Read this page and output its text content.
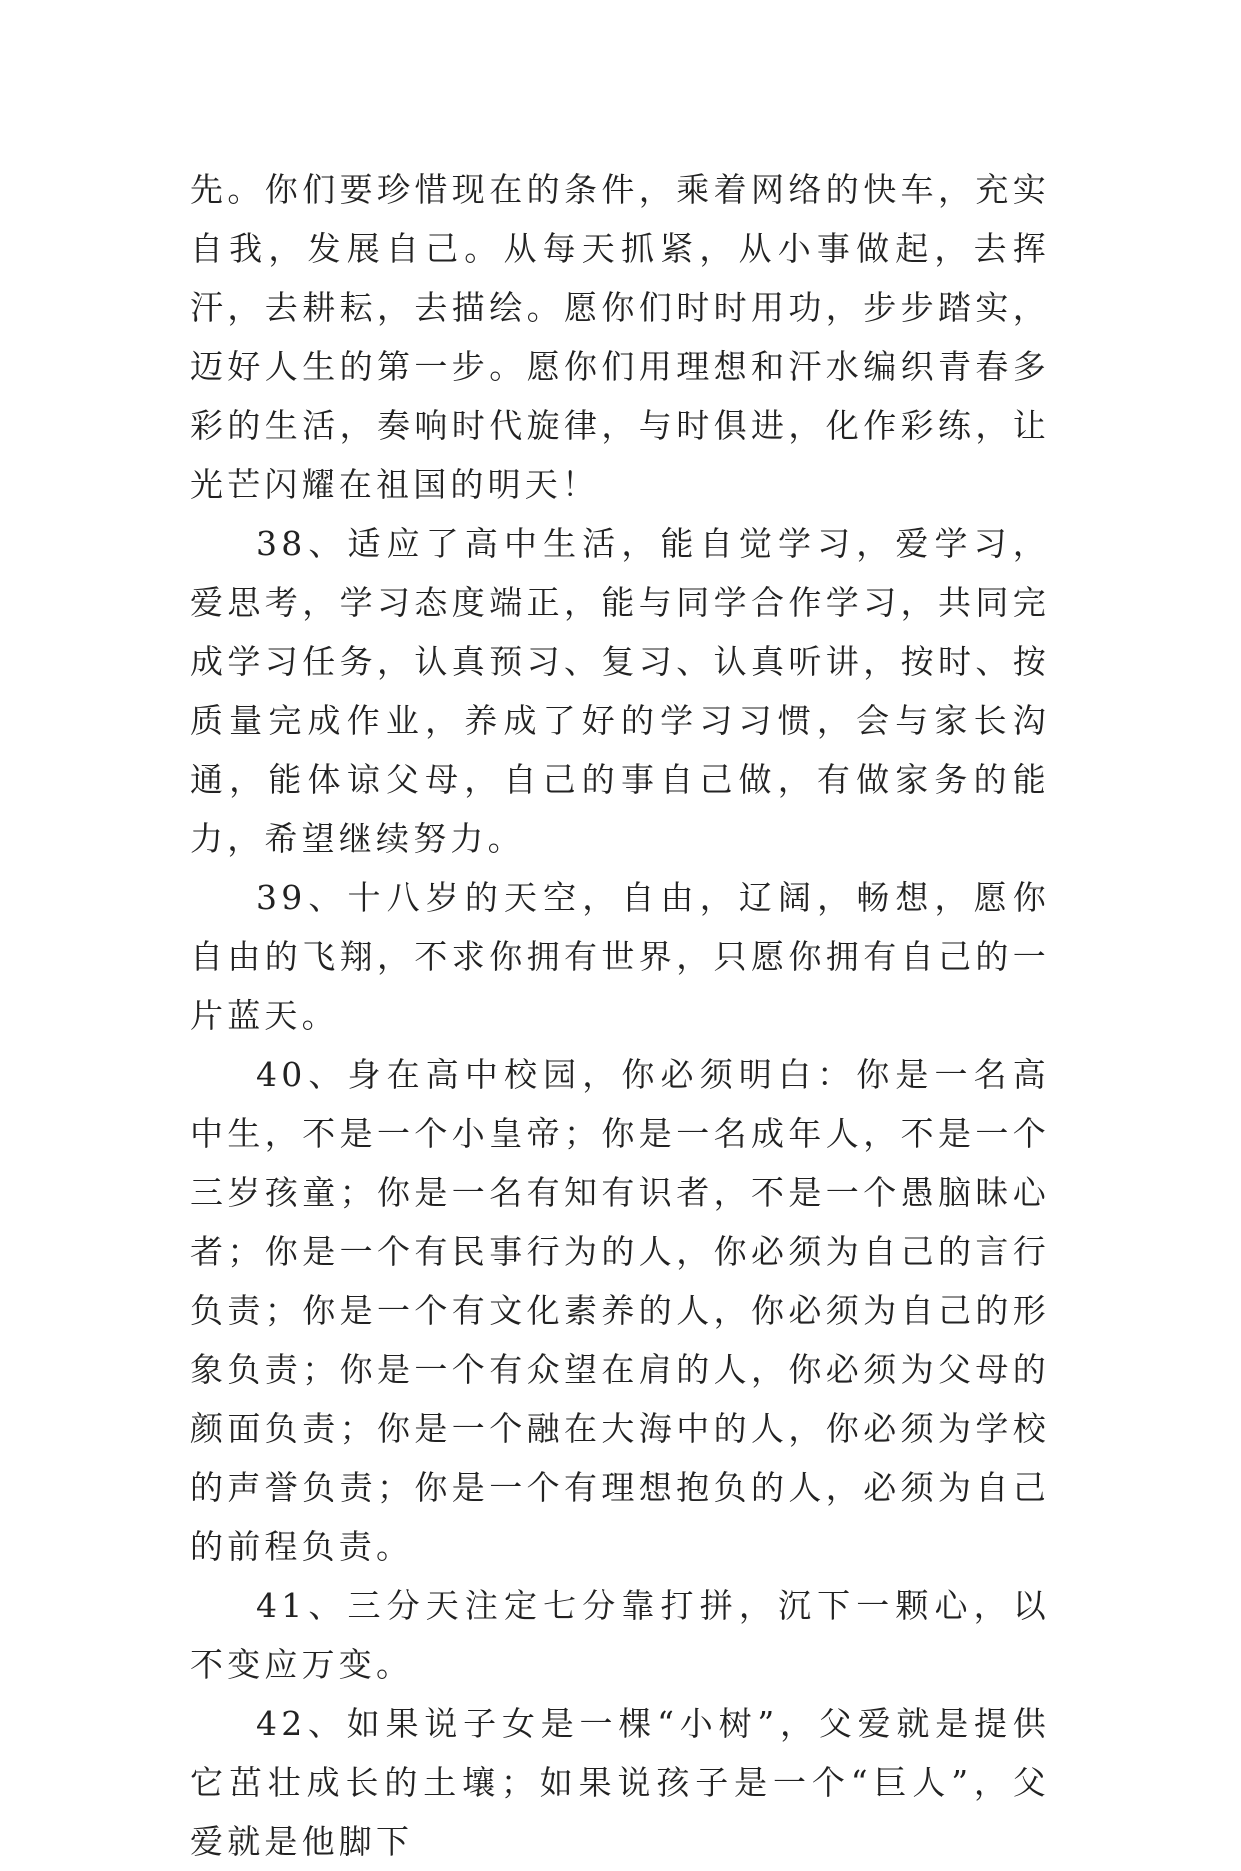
先。你们要珍惜现在的条件，乘着网络的快车，充实自我，发展自己。从每天抓紧，从小事做起，去挥汗，去耕耘，去描绘。愿你们时时用功，步步踏实，迈好人生的第一步。愿你们用理想和汗水编织青春多彩的生活，奏响时代旋律，与时俱进，化作彩练，让光芒闪耀在祖国的明天！

38、适应了高中生活，能自觉学习，爱学习，爱思考，学习态度端正，能与同学合作学习，共同完成学习任务，认真预习、复习、认真听讲，按时、按质量完成作业，养成了好的学习习惯，会与家长沟通，能体谅父母，自己的事自己做，有做家务的能力，希望继续努力。

39、十八岁的天空，自由，辽阔，畅想，愿你自由的飞翔，不求你拥有世界，只愿你拥有自己的一片蓝天。

40、身在高中校园，你必须明白：你是一名高中生，不是一个小皇帝；你是一名成年人，不是一个三岁孩童；你是一名有知有识者，不是一个愚脑昧心者；你是一个有民事行为的人，你必须为自己的言行负责；你是一个有文化素养的人，你必须为自己的形象负责；你是一个有众望在肩的人，你必须为父母的颜面负责；你是一个融在大海中的人，你必须为学校的声誉负责；你是一个有理想抱负的人，必须为自己的前程负责。

41、三分天注定七分靠打拼，沉下一颗心，以不变应万变。

42、如果说子女是一棵“小树”，父爱就是提供它茁壮成长的土壤；如果说孩子是一个“巨人”，父爱就是他脚下
